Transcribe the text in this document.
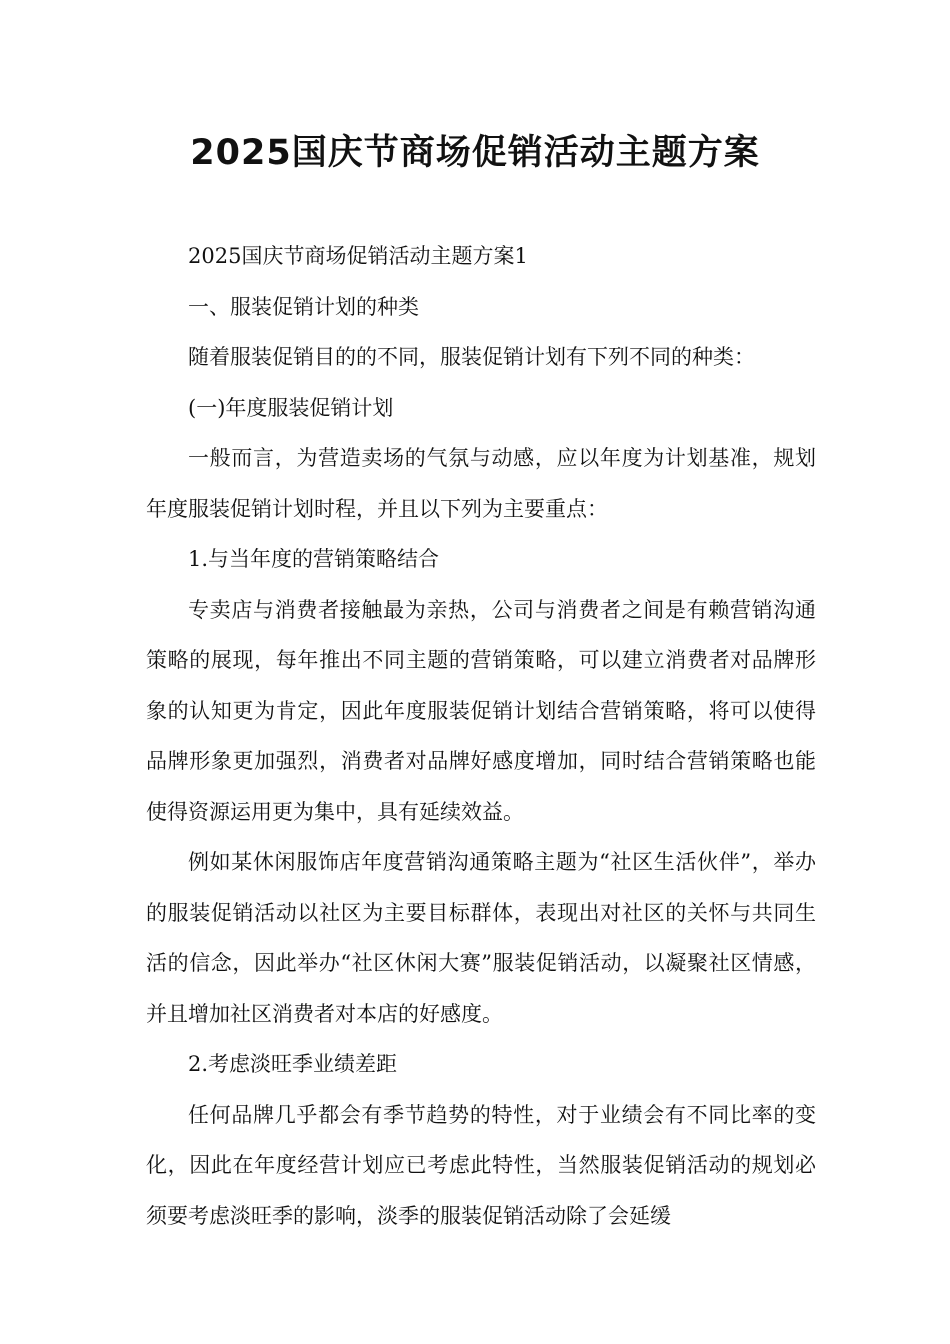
2025国庆节商场促销活动主题方案

2025国庆节商场促销活动主题方案1

一、服装促销计划的种类

随着服装促销目的的不同，服装促销计划有下列不同的种类：

(一)年度服装促销计划

一般而言，为营造卖场的气氛与动感，应以年度为计划基准，规划年度服装促销计划时程，并且以下列为主要重点：

1.与当年度的营销策略结合

专卖店与消费者接触最为亲热，公司与消费者之间是有赖营销沟通策略的展现，每年推出不同主题的营销策略，可以建立消费者对品牌形象的认知更为肯定，因此年度服装促销计划结合营销策略，将可以使得品牌形象更加强烈，消费者对品牌好感度增加，同时结合营销策略也能使得资源运用更为集中，具有延续效益。

例如某休闲服饰店年度营销沟通策略主题为“社区生活伙伴”，举办的服装促销活动以社区为主要目标群体，表现出对社区的关怀与共同生活的信念，因此举办“社区休闲大赛”服装促销活动，以凝聚社区情感，并且增加社区消费者对本店的好感度。

2.考虑淡旺季业绩差距

任何品牌几乎都会有季节趋势的特性，对于业绩会有不同比率的变化，因此在年度经营计划应已考虑此特性，当然服装促销活动的规划必须要考虑淡旺季的影响，淡季的服装促销活动除了会延缓
